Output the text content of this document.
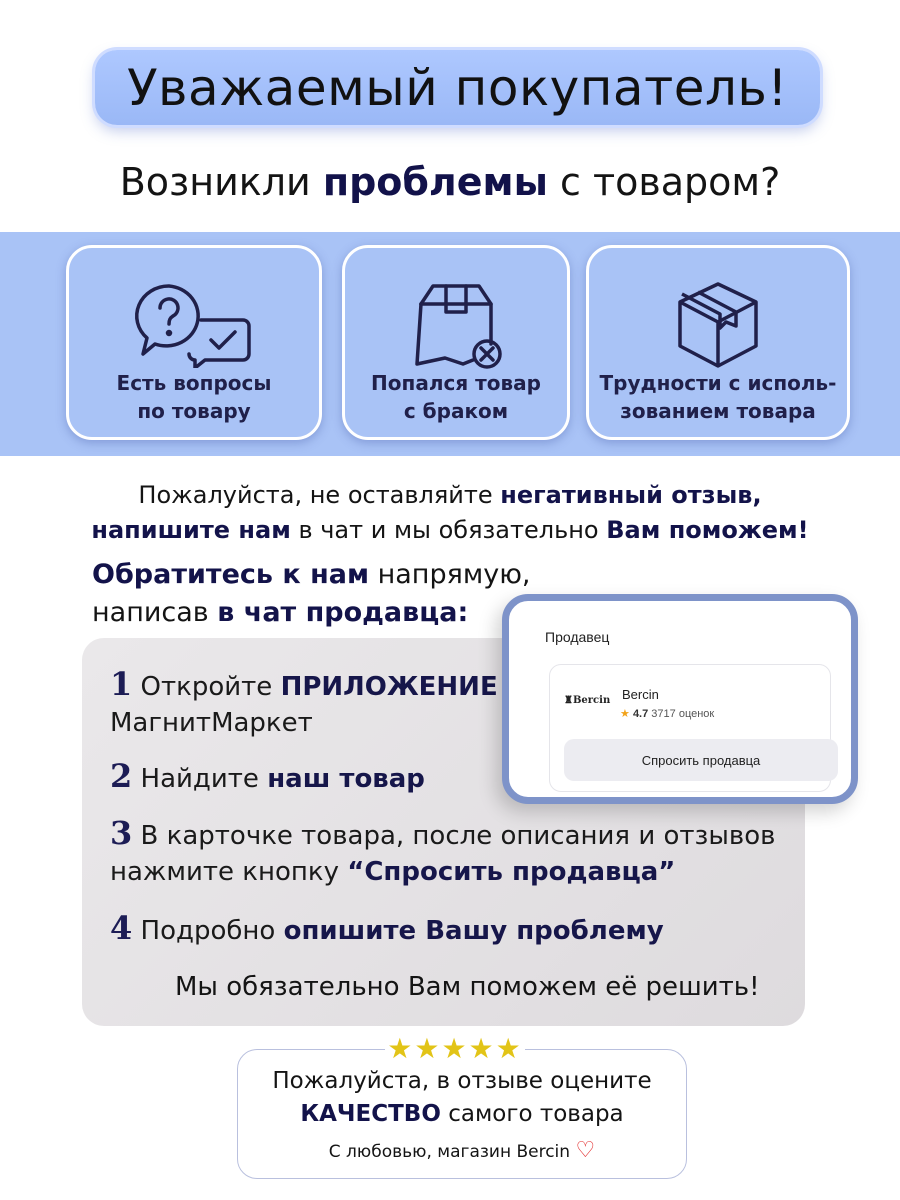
Уважаемый покупатель!
Возникли проблемы с товаром?
Есть вопросы
по товару
Попался товар
с браком
Трудности с исполь-
зованием товара
Пожалуйста, не оставляйте негативный отзыв,
напишите нам в чат и мы обязательно Вам поможем!
Обратитесь к нам напрямую,
написав в чат продавца:
1 Откройте ПРИЛОЖЕНИЕ
МагнитМаркет
2 Найдите наш товар
3 В карточке товара, после описания и отзывов
нажмите кнопку “Спросить продавца”
4 Подробно опишите Вашу проблему
Мы обязательно Вам поможем её решить!
Продавец
♜Bercin Bercin
★ 4.7 3717 оценок
Спросить продавца
Пожалуйста, в отзыве оцените
КАЧЕСТВО самого товара
С любовью, магазин Bercin ♡
★★★★★
